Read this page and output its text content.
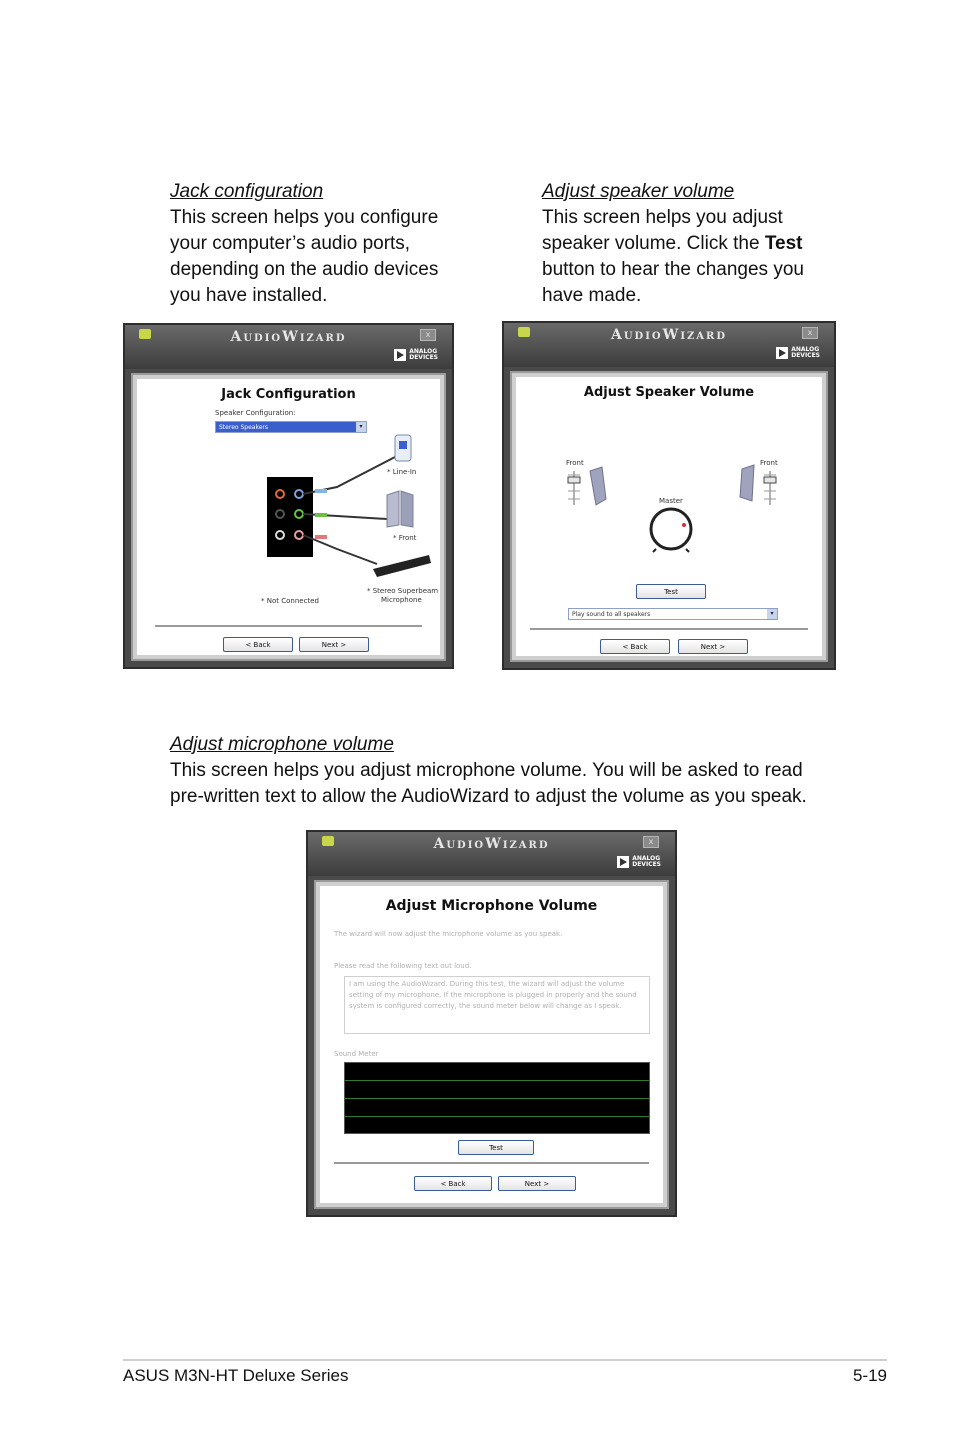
Jack configuration
This screen helps you configure
your computer’s audio ports,
depending on the audio devices
you have installed.
Adjust speaker volume
This screen helps you adjust
speaker volume. Click the Test
button to hear the changes you
have made.
AudioWizard	x
ANALOG
DEVICES
Jack Configuration
Speaker Configuration:
Stereo Speakers	▾
* Line-In
* Front
* Not Connected
* Stereo Superbeam
Microphone
< Back	Next >
AudioWizard	x
ANALOG
DEVICES
Adjust Speaker Volume
Front	Front
Master
Test
Play sound to all speakers	▾
< Back	Next >
Adjust microphone volume
This screen helps you adjust microphone volume. You will be asked to read
pre-written text to allow the AudioWizard to adjust the volume as you speak.
AudioWizard	x
ANALOG
DEVICES
Adjust Microphone Volume
The wizard will now adjust the microphone volume as you speak.
Please read the following text out loud.
I am using the AudioWizard. During this test, the wizard will adjust the volume setting of my microphone. If the microphone is plugged in properly and the sound system is configured correctly, the sound meter below will change as I speak.
Sound Meter
Test
< Back	Next >
ASUS M3N-HT Deluxe Series	5-19
